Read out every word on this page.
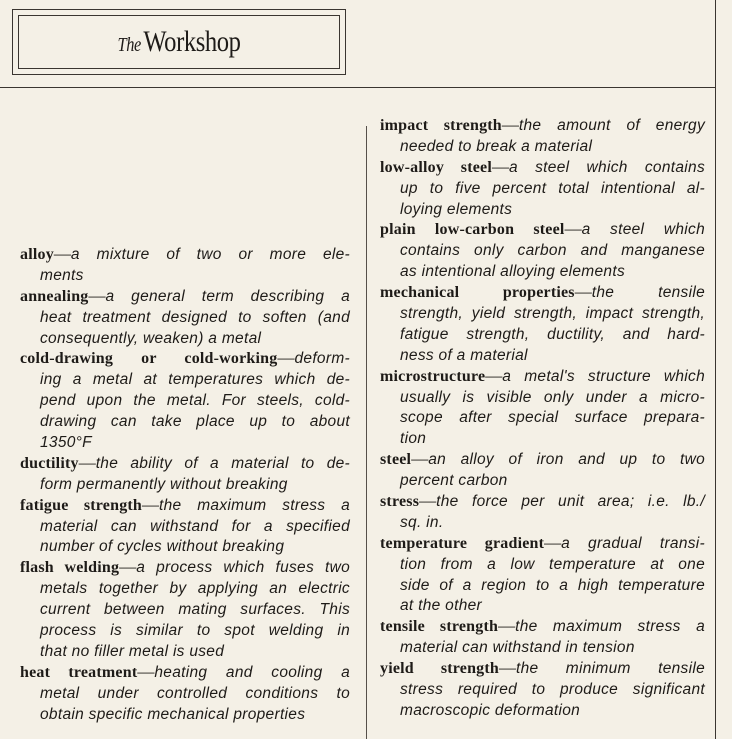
TheWorkshop
alloy—a mixture of two or more ele-
ments
annealing—a general term describing a
heat treatment designed to soften (and
consequently, weaken) a metal
cold-drawing or cold-working—deform-
ing a metal at temperatures which de-
pend upon the metal. For steels, cold-
drawing can take place up to about
1350°F
ductility—the ability of a material to de-
form permanently without breaking
fatigue strength—the maximum stress a
material can withstand for a specified
number of cycles without breaking
flash welding—a process which fuses two
metals together by applying an electric
current between mating surfaces. This
process is similar to spot welding in
that no filler metal is used
heat treatment—heating and cooling a
metal under controlled conditions to
obtain specific mechanical properties
impact strength—the amount of energy
needed to break a material
low-alloy steel—a steel which contains
up to five percent total intentional al-
loying elements
plain low-carbon steel—a steel which
contains only carbon and manganese
as intentional alloying elements
mechanical properties—the tensile
strength, yield strength, impact strength,
fatigue strength, ductility, and hard-
ness of a material
microstructure—a metal's structure which
usually is visible only under a micro-
scope after special surface prepara-
tion
steel—an alloy of iron and up to two
percent carbon
stress—the force per unit area; i.e. lb./
sq. in.
temperature gradient—a gradual transi-
tion from a low temperature at one
side of a region to a high temperature
at the other
tensile strength—the maximum stress a
material can withstand in tension
yield strength—the minimum tensile
stress required to produce significant
macroscopic deformation
